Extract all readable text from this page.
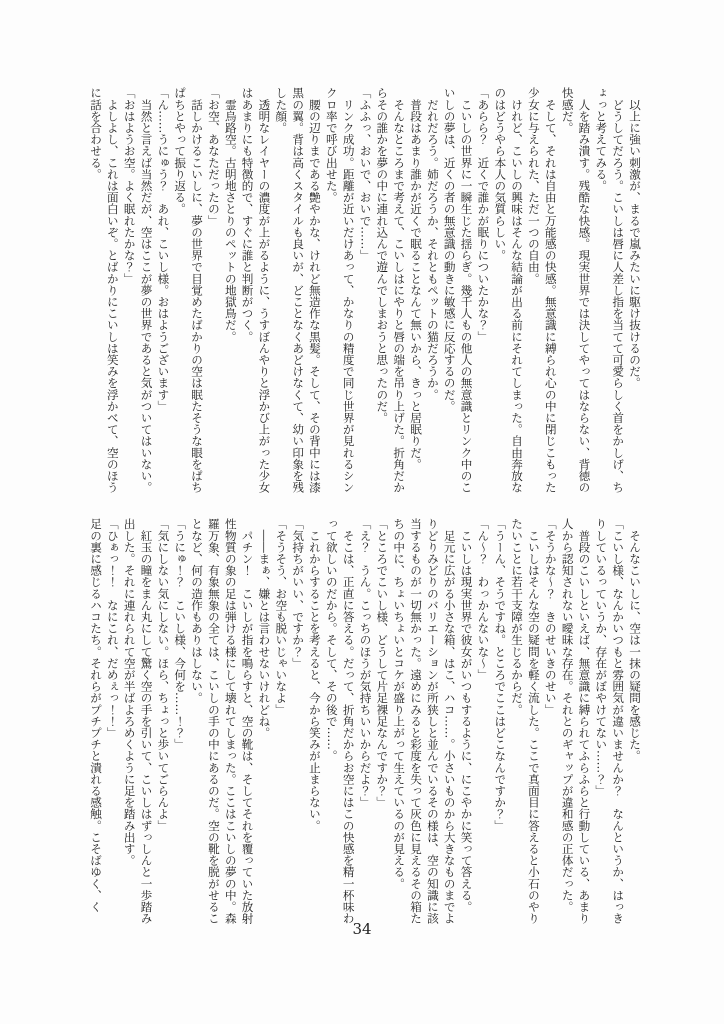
　以上に強い刺激が、まるで嵐みたいに駆け抜けるのだ。
　どうしてだろう。こいしは唇に人差し指を当てて可愛らしく首をかしげ、ち
ょっと考えてみる。
　人を踏み潰す。残酷な快感。現実世界では決してやってはならない、背徳の
快感だ。
　そして、それは自由と万能感の快感。無意識に縛られ心の中に閉じこもった
少女に与えられた、ただ一つの自由。
　けれど、こいしの興味はそんな結論が出る前にそれてしまった。自由奔放な
のはどうやら本人の気質らしい。
「あらら？　近くで誰かが眠りについたかな？」
　こいしの世界に一瞬生じた揺らぎ。幾千人もの他人の無意識とリンク中のこ
いしの夢は、近くの者の無意識の動きに敏感に反応するのだ。
　だれだろう。姉だろうか、それともペットの猫だろうか。
　普段はあまり誰かが近くで眠ることなんて無いから、きっと居眠りだ。
　そんなところまで考えて、こいしはにやりと唇の端を吊り上げた。折角だか
らその誰かを夢の中に連れ込んで遊んでしまおうと思ったのだ。
「ふふっ、おいで、おいで……」
　リンク成功。距離が近いだけあって、かなりの精度で同じ世界が見れるシン
クロ率で呼び出せた。
　腰の辺りまである艶やかな、けれど無造作な黒髪。そして、その背中には漆
黒の翼。背は高くスタイルも良いが、どことなくあどけなくて、幼い印象を残
した顔。
　透明なレイヤーの濃度が上がるように、うすぼんやりと浮かび上がった少女
はあまりにも特徴的で、すぐに誰と判断がつく。
　霊烏路空。古明地さとりのペットの地獄鳥だ。
「お空、あなただったの」
　話しかけるこいしに、夢の世界で目覚めたばかりの空は眠たそうな眼をぱち
ぱちとやって振り返る。
「ん……うにゅう？　あれ、こいし様。おはようございます」
　当然と言えば当然だが、空はここが夢の世界であると気がついてはいない。
「おはようお空。よく眠れたかな？」
　よしよし、これは面白いぞ。とばかりにこいしは笑みを浮かべて、空のほう
に話を合わせる。
　そんなこいしに、空は一抹の疑問を感じた。
「こいし様、なんかいつもと雰囲気が違いませんか？　なんというか、はっき
りしているっていうか、存在がぼやけてない……？」
　普段のこいしといえば、無意識に縛られてふらふらと行動している、あまり
人から認知されない曖昧な存在。それとのギャップが違和感の正体だった。
「そうかな～？　きのせいきのせい」
　こいしはそんな空の疑問を軽く流した。ここで真面目に答えると小石のやり
たいことに若干支障が生じるからだ。
「うーん、そうですね。ところでここはどこなんですか？」
「ん～？　わっかんないな～」
　こいしは現実世界で彼女がいつもするように、にこやかに笑って答える。
　足元に広がる小さな箱、はこ、ハコ……。小さいものから大きなものまでよ
りどりみどりのバリエーションが所狭しと並んでいるその様は、空の知識に該
当するものが一切無かった。遠めにみると彩度を失って灰色に見えるその箱た
ちの中に、ちょいちょいとコケが盛り上がって生えているのが見える。
「ところでこいし様、どうして片足裸足なんですか？」
「え？　うん。こっちのほうが気持ちいいからだよ？」
　そこは、正直に答える。だって、折角だからお空にはこの快感を精一杯味わ
って欲しいのだから。そして、その後で……。
　これからすることを考えると、今から笑みが止まらない。
「気持ちがいい、ですか？」
「そうそう、お空も脱いじゃいなよ」
　――まぁ、嫌とは言わせないけれどね。
　パチン！　こいしが指を鳴らすと、空の靴は、そしてそれを覆っていた放射
性物質の象の足は弾ける様にして壊れてしまった。ここはこいしの夢の中。森
羅万象、有象無象の全ては、こいしの手の中にあるのだ。空の靴を脱がせるこ
となど、何の造作もありはしない。
「うにゅ！？　こいし様、今何を……！？」
「気にしない気にしない。ほら、ちょっと歩いてごらんよ」
　紅玉の瞳をまん丸にして驚く空の手を引いて、こいしはずっしんと一歩踏み
出した。それに連れられて空が半ばよろめくように足を踏み出す。
「ひぁっ！！　なにこれ、だめぇっ！！」
足の裏に感じるハコたち。それらがプチプチと潰れる感触。こそばゆく、く
34
